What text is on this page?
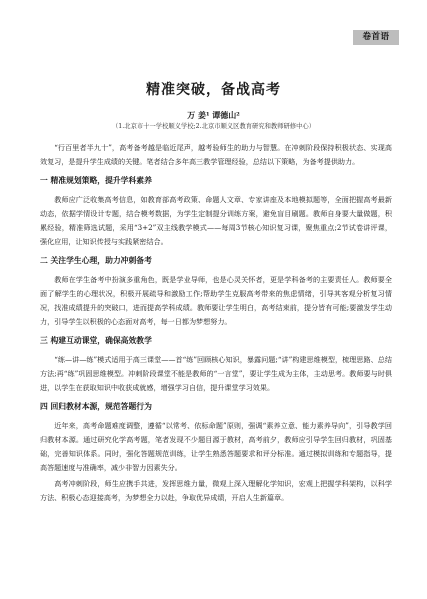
卷首语
精准突破，备战高考
万 姜¹ 谭德山²
（1.北京市十一学校顺义学校;2.北京市顺义区教育研究和教师研修中心）

“行百里者半九十”，高考备考越是临近尾声，越考验师生的助力与智慧。在冲刺阶段保持积极状态、实现高效复习，是提升学生成绩的关键。笔者结合多年高三教学管理经验，总结以下策略，为备考提供助力。

一 精准规划策略，提升学科素养

教师应广泛收集高考信息，如教育部高考政策、命题人文章、专家讲座及本地模拟题等，全面把握高考最新动态，依据学情设计专题，结合模考数据，为学生定制提分训练方案，避免盲目刷题。教师自身要大量做题，积累经验，精准筛选试题，采用“3+2”双主线教学模式——每周3节核心知识复习课，聚焦重点;2节试卷讲评课，强化应用，让知识传授与实践紧密结合。

二 关注学生心理，助力冲刺备考

教师在学生备考中扮演多重角色，既是学业导师，也是心灵关怀者，更是学科备考的主要责任人。教师要全面了解学生的心理状况，积极开展疏导和激励工作;帮助学生克服高考带来的焦虑情绪，引导其客观分析复习情况，找准成绩提升的突破口，进而提高学科成绩。教师要让学生明白，高考结束前，提分皆有可能;要激发学生动力，引导学生以积极的心态面对高考，每一日都为梦想努力。

三 构建互动课堂，确保高效教学

“练—讲—练”模式适用于高三课堂——首“练”回顾核心知识，暴露问题;“讲”构建思维模型，梳理思路、总结方法;再“练”巩固思维模型。冲刺阶段课堂不能是教师的“一言堂”，要让学生成为主体，主动思考。教师要与时俱进，以学生在获取知识中收获成就感，增强学习自信，提升课堂学习效果。

四 回归教材本源，规范答题行为

近年来，高考命题难度调整，遵循“以常考、依标命题”原则，强调“素养立意、能力素养导向”，引导教学回归教材本源。通过研究化学高考题，笔者发现不少题目源于教材，高考前夕，教师应引导学生回归教材，巩固基础，完善知识体系。同时，强化答题规范训练，让学生熟悉答题要求和评分标准。通过模拟训练和专题指导，提高答题速度与准确率，减少非智力因素失分。

高考冲刺阶段，师生应携手共进，发挥思维力量，微观上深入理解化学知识，宏观上把握学科架构，以科学方法、积极心态迎接高考，为梦想全力以赴，争取优异成绩，开启人生新篇章。
